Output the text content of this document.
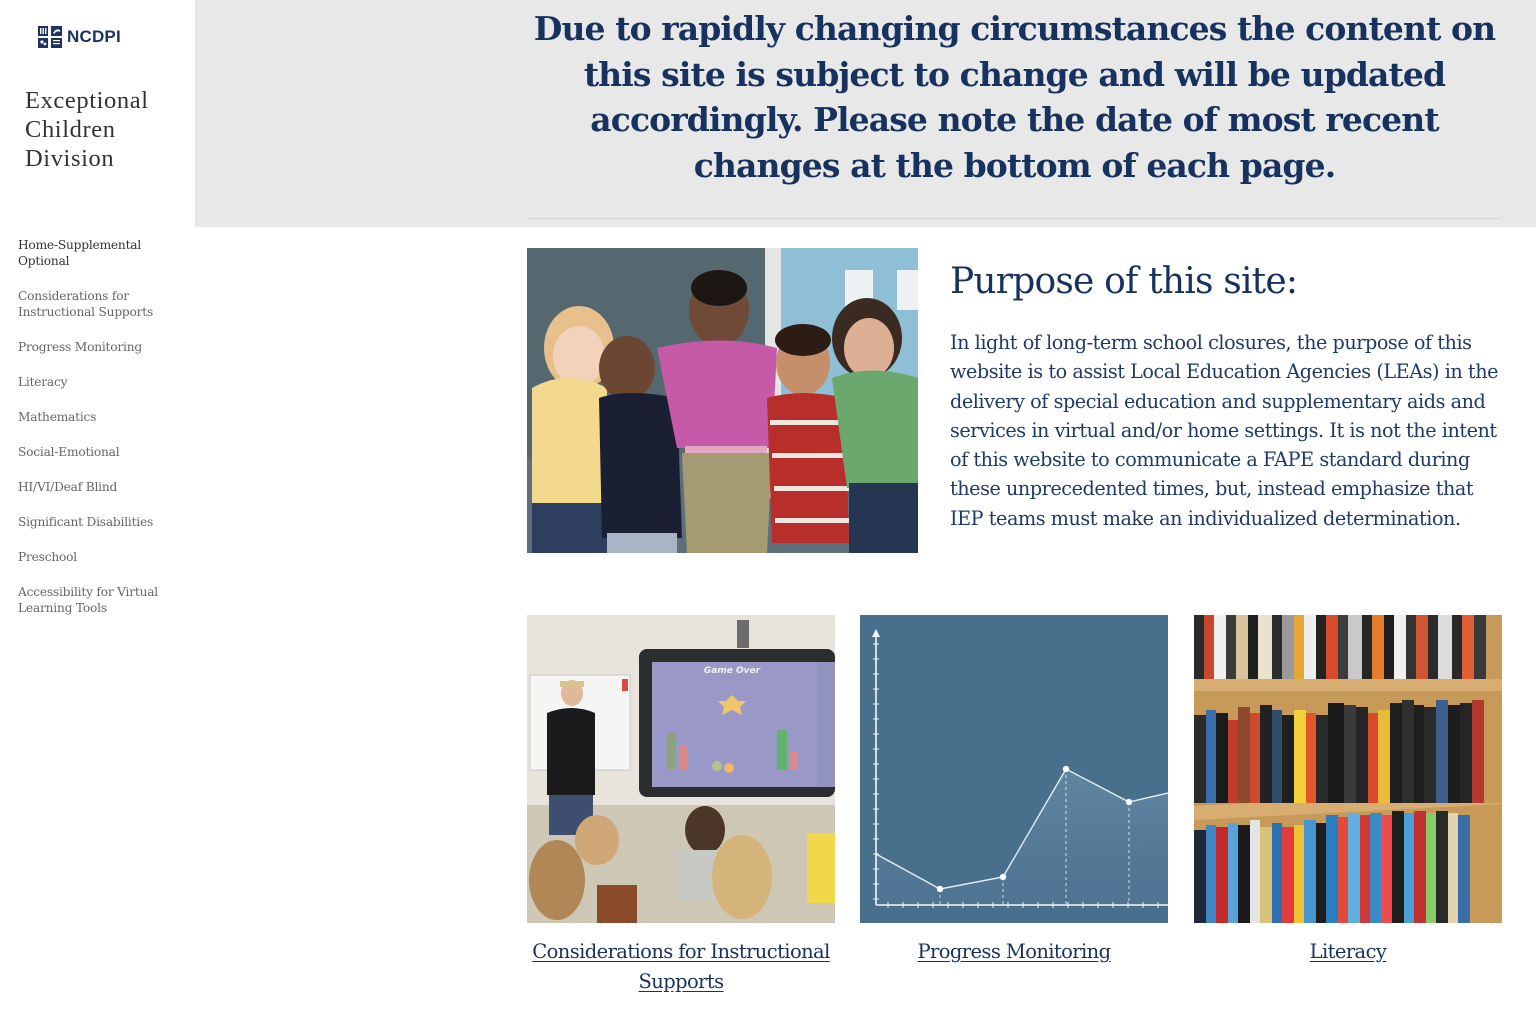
NCDPI
Exceptional Children Division
Home-Supplemental Optional
Considerations for Instructional Supports
Progress Monitoring
Literacy
Mathematics
Social-Emotional
HI/VI/Deaf Blind
Significant Disabilities
Preschool
Accessibility for Virtual Learning Tools
Due to rapidly changing circumstances the content on this site is subject to change and will be updated accordingly. Please note the date of most recent changes at the bottom of each page.
Purpose of this site:

In light of long-term school closures, the purpose of this website is to assist Local Education Agencies (LEAs) in the delivery of special education and supplementary aids and services in virtual and/or home settings. It is not the intent of this website to communicate a FAPE standard during these unprecedented times, but, instead emphasize that IEP teams must make an individualized determination.

Game Over
Considerations for Instructional Supports
Progress Monitoring	Literacy
